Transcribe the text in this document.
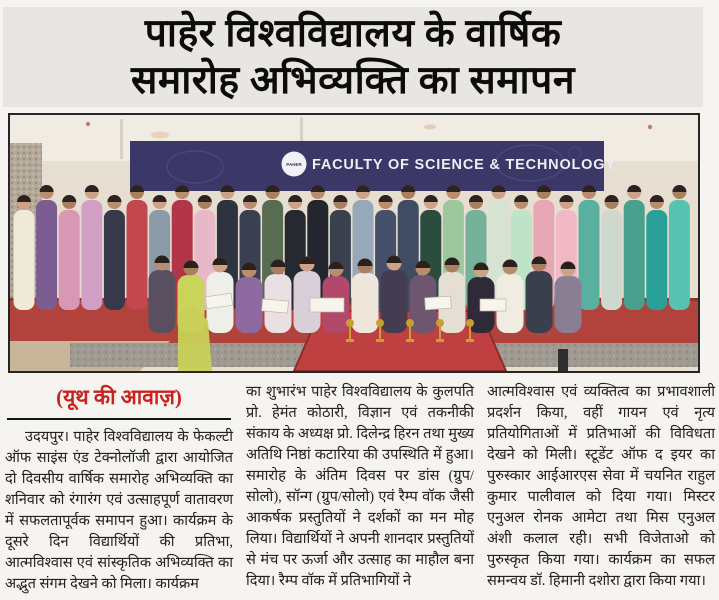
पाहेर विश्वविद्यालय के वार्षिक
समारोह अभिव्यक्ति का समापन
PAHER FACULTY OF SCIENCE & TECHNOLOGY
(यूथ की आवाज़)

उदयपुर। पाहेर विश्वविद्यालय के फेकल्टी ऑफ साइंस एंड टेक्नोलॉजी द्वारा आयोजित दो दिवसीय वार्षिक समारोह अभिव्यक्ति का शनिवार को रंगारंग एवं उत्साहपूर्ण वातावरण में सफलतापूर्वक समापन हुआ। कार्यक्रम के दूसरे दिन विद्यार्थियों की प्रतिभा, आत्मविश्वास एवं सांस्कृतिक अभिव्यक्ति का अद्भुत संगम देखने को मिला। कार्यक्रम

का शुभारंभ पाहेर विश्वविद्यालय के कुलपति प्रो. हेमंत कोठारी, विज्ञान एवं तकनीकी संकाय के अध्यक्ष प्रो. दिलेन्द्र हिरन तथा मुख्य अतिथि निष्ठां कटारिया की उपस्थिति में हुआ। समारोह के अंतिम दिवस पर डांस (ग्रुप/सोलो), सॉन्ग (ग्रुप/सोलो) एवं रैम्प वॉक जैसी आकर्षक प्रस्तुतियों ने दर्शकों का मन मोह लिया। विद्यार्थियों ने अपनी शानदार प्रस्तुतियों से मंच पर ऊर्जा और उत्साह का माहौल बना दिया। रैम्प वॉक में प्रतिभागियों ने

आत्मविश्वास एवं व्यक्तित्व का प्रभावशाली प्रदर्शन किया, वहीं गायन एवं नृत्य प्रतियोगिताओं में प्रतिभाओं की विविधता देखने को मिली। स्टूडेंट ऑफ द इयर का पुरुस्कार आईआरएस सेवा में चयनित राहुल कुमार पालीवाल को दिया गया। मिस्टर एनुअल रोनक आमेटा तथा मिस एनुअल अंशी कलाल रही। सभी विजेताओ को पुरुस्कृत किया गया। कार्यक्रम का सफल समन्वय डॉ. हिमानी दशोरा द्वारा किया गया।
